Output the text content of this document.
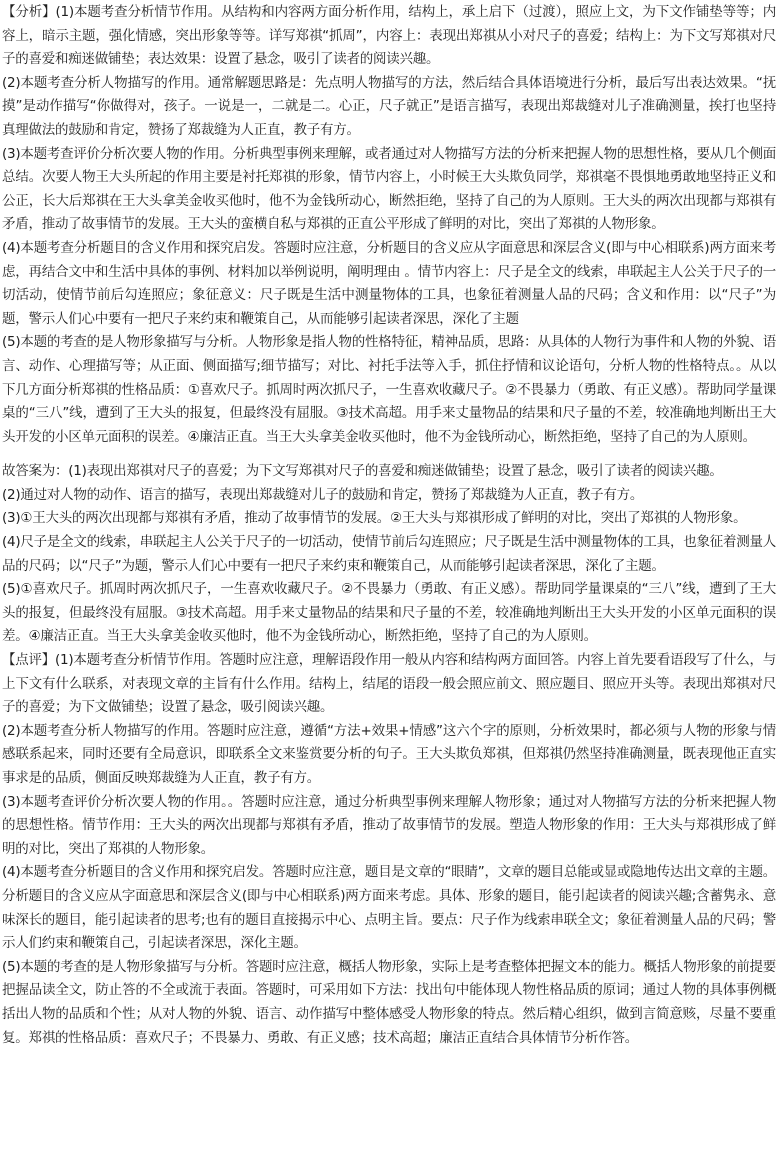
【分析】(1)本题考查分析情节作用。从结构和内容两方面分析作用，结构上，承上启下（过渡），照应上文，为下文作铺垫等等；内容上，暗示主题，强化情感，突出形象等等。详写郑祺“抓周”，内容上：表现出郑祺从小对尺子的喜爱；结构上：为下文写郑祺对尺子的喜爱和痴迷做铺垫；表达效果：设置了悬念，吸引了读者的阅读兴趣。

(2)本题考查分析人物描写的作用。通常解题思路是：先点明人物描写的方法，然后结合具体语境进行分析，最后写出表达效果。“抚摸”是动作描写“你做得对，孩子。一说是一，二就是二。心正，尺子就正”是语言描写，表现出郑裁缝对儿子准确测量，挨打也坚持真理做法的鼓励和肯定，赞扬了郑裁缝为人正直，教子有方。

(3)本题考查评价分析次要人物的作用。分析典型事例来理解，或者通过对人物描写方法的分析来把握人物的思想性格，要从几个侧面总结。次要人物王大头所起的作用主要是衬托郑祺的形象，情节内容上，小时候王大头欺负同学，郑祺毫不畏惧地勇敢地坚持正义和公正，长大后郑祺在王大头拿美金收买他时，他不为金钱所动心，断然拒绝，坚持了自己的为人原则。王大头的两次出现都与郑祺有矛盾，推动了故事情节的发展。王大头的蛮横自私与郑祺的正直公平形成了鲜明的对比，突出了郑祺的人物形象。

(4)本题考查分析题目的含义作用和探究启发。答题时应注意，分析题目的含义应从字面意思和深层含义(即与中心相联系)两方面来考虑，再结合文中和生活中具体的事例、材料加以举例说明，阐明理由 。情节内容上：尺子是全文的线索，串联起主人公关于尺子的一切活动，使情节前后勾连照应；象征意义：尺子既是生活中测量物体的工具，也象征着测量人品的尺码；含义和作用：以“尺子”为题，警示人们心中要有一把尺子来约束和鞭策自己，从而能够引起读者深思，深化了主题

(5)本题的考查的是人物形象描写与分析。人物形象是指人物的性格特征，精神品质，思路：从具体的人物行为事件和人物的外貌、语言、动作、心理描写等；从正面、侧面描写;细节描写；对比、衬托手法等入手，抓住抒情和议论语句，分析人物的性格特点。。从以下几方面分析郑祺的性格品质：①喜欢尺子。抓周时两次抓尺子，一生喜欢收藏尺子。②不畏暴力（勇敢、有正义感）。帮助同学量课桌的“三八”线，遭到了王大头的报复，但最终没有屈服。③技术高超。用手来丈量物品的结果和尺子量的不差，较准确地判断出王大头开发的小区单元面积的误差。④廉洁正直。当王大头拿美金收买他时，他不为金钱所动心，断然拒绝，坚持了自己的为人原则。

故答案为：(1)表现出郑祺对尺子的喜爱；为下文写郑祺对尺子的喜爱和痴迷做铺垫；设置了悬念，吸引了读者的阅读兴趣。

(2)通过对人物的动作、语言的描写，表现出郑裁缝对儿子的鼓励和肯定，赞扬了郑裁缝为人正直，教子有方。

(3)①王大头的两次出现都与郑祺有矛盾，推动了故事情节的发展。②王大头与郑祺形成了鲜明的对比，突出了郑祺的人物形象。

(4)尺子是全文的线索，串联起主人公关于尺子的一切活动，使情节前后勾连照应；尺子既是生活中测量物体的工具，也象征着测量人品的尺码；以“尺子”为题，警示人们心中要有一把尺子来约束和鞭策自己，从而能够引起读者深思，深化了主题。

(5)①喜欢尺子。抓周时两次抓尺子，一生喜欢收藏尺子。②不畏暴力（勇敢、有正义感）。帮助同学量课桌的“三八”线，遭到了王大头的报复，但最终没有屈服。③技术高超。用手来丈量物品的结果和尺子量的不差，较准确地判断出王大头开发的小区单元面积的误差。④廉洁正直。当王大头拿美金收买他时，他不为金钱所动心，断然拒绝，坚持了自己的为人原则。

【点评】(1)本题考查分析情节作用。答题时应注意，理解语段作用一般从内容和结构两方面回答。内容上首先要看语段写了什么，与上下文有什么联系，对表现文章的主旨有什么作用。结构上，结尾的语段一般会照应前文、照应题目、照应开头等。表现出郑祺对尺子的喜爱；为下文做铺垫；设置了悬念，吸引阅读兴趣。

(2)本题考查分析人物描写的作用。答题时应注意，遵循“方法+效果+情感”这六个字的原则，分析效果时，都必须与人物的形象与情感联系起来，同时还要有全局意识，即联系全文来鉴赏要分析的句子。王大头欺负郑祺，但郑祺仍然坚持准确测量，既表现他正直实事求是的品质，侧面反映郑裁缝为人正直，教子有方。

(3)本题考查评价分析次要人物的作用。。答题时应注意，通过分析典型事例来理解人物形象；通过对人物描写方法的分析来把握人物的思想性格。情节作用：王大头的两次出现都与郑祺有矛盾，推动了故事情节的发展。塑造人物形象的作用：王大头与郑祺形成了鲜明的对比，突出了郑祺的人物形象。

(4)本题考查分析题目的含义作用和探究启发。答题时应注意，题目是文章的“眼睛”，文章的题目总能或显或隐地传达出文章的主题。分析题目的含义应从字面意思和深层含义(即与中心相联系)两方面来考虑。具体、形象的题目，能引起读者的阅读兴趣;含蓄隽永、意味深长的题目，能引起读者的思考;也有的题目直接揭示中心、点明主旨。要点：尺子作为线索串联全文；象征着测量人品的尺码；警示人们约束和鞭策自己，引起读者深思，深化主题。

(5)本题的考查的是人物形象描写与分析。答题时应注意，概括人物形象，实际上是考查整体把握文本的能力。概括人物形象的前提要把握品读全文，防止答的不全或流于表面。答题时，可采用如下方法：找出句中能体现人物性格品质的原词；通过人物的具体事例概括出人物的品质和个性；从对人物的外貌、语言、动作描写中整体感受人物形象的特点。然后精心组织，做到言简意赅，尽量不要重复。郑祺的性格品质：喜欢尺子；不畏暴力、勇敢、有正义感；技术高超；廉洁正直结合具体情节分析作答。
